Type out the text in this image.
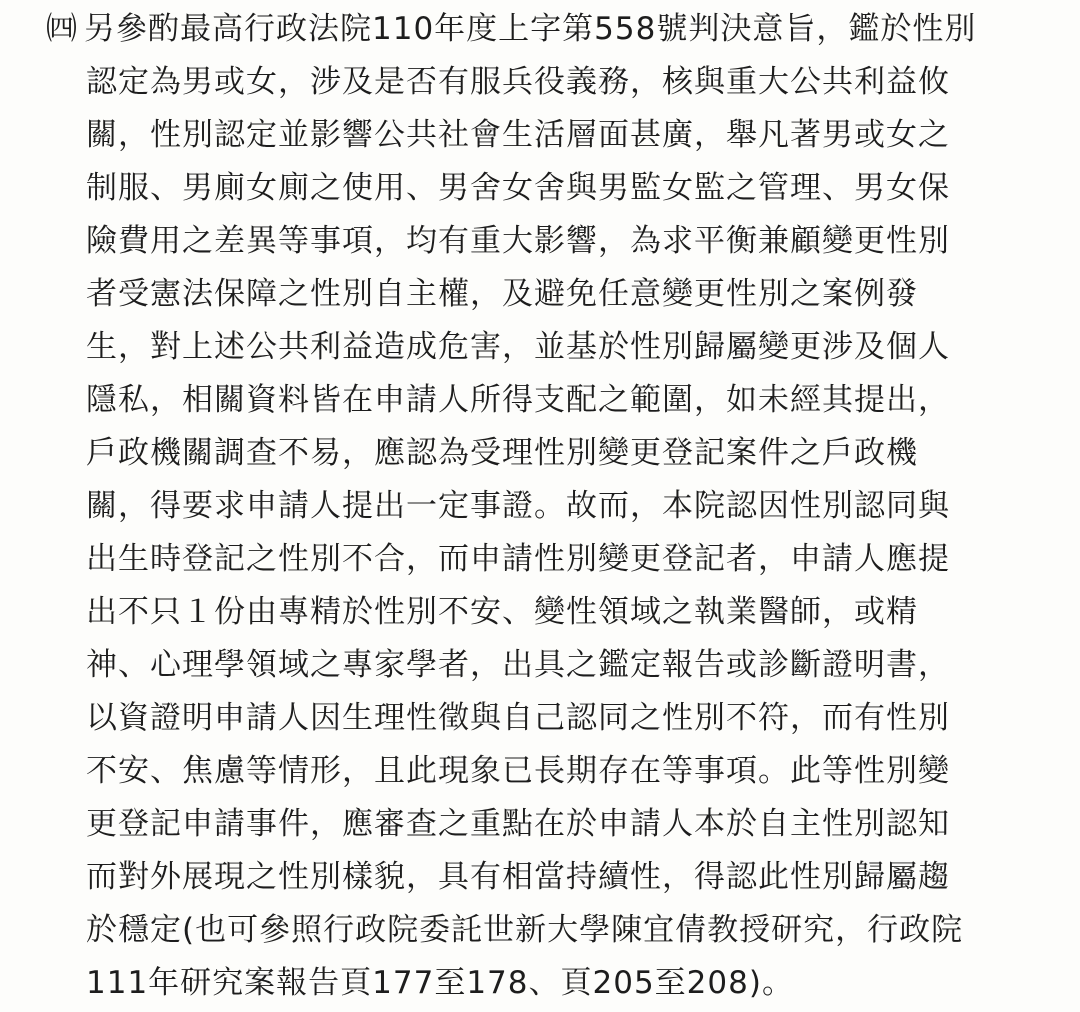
㈣ 另參酌最高行政法院110年度上字第558號判決意旨，鑑於性別
認定為男或女，涉及是否有服兵役義務，核與重大公共利益攸
關，性別認定並影響公共社會生活層面甚廣，舉凡著男或女之
制服、男廁女廁之使用、男舍女舍與男監女監之管理、男女保
險費用之差異等事項，均有重大影響，為求平衡兼顧變更性別
者受憲法保障之性別自主權，及避免任意變更性別之案例發
生，對上述公共利益造成危害，並基於性別歸屬變更涉及個人
隱私，相關資料皆在申請人所得支配之範圍，如未經其提出，
戶政機關調查不易，應認為受理性別變更登記案件之戶政機
關，得要求申請人提出一定事證。故而，本院認因性別認同與
出生時登記之性別不合，而申請性別變更登記者，申請人應提
出不只１份由專精於性別不安、變性領域之執業醫師，或精
神、心理學領域之專家學者，出具之鑑定報告或診斷證明書，
以資證明申請人因生理性徵與自己認同之性別不符，而有性別
不安、焦慮等情形，且此現象已長期存在等事項。此等性別變
更登記申請事件，應審查之重點在於申請人本於自主性別認知
而對外展現之性別樣貌，具有相當持續性，得認此性別歸屬趨
於穩定(也可參照行政院委託世新大學陳宜倩教授研究，行政院
111年研究案報告頁177至178、頁205至208)。
